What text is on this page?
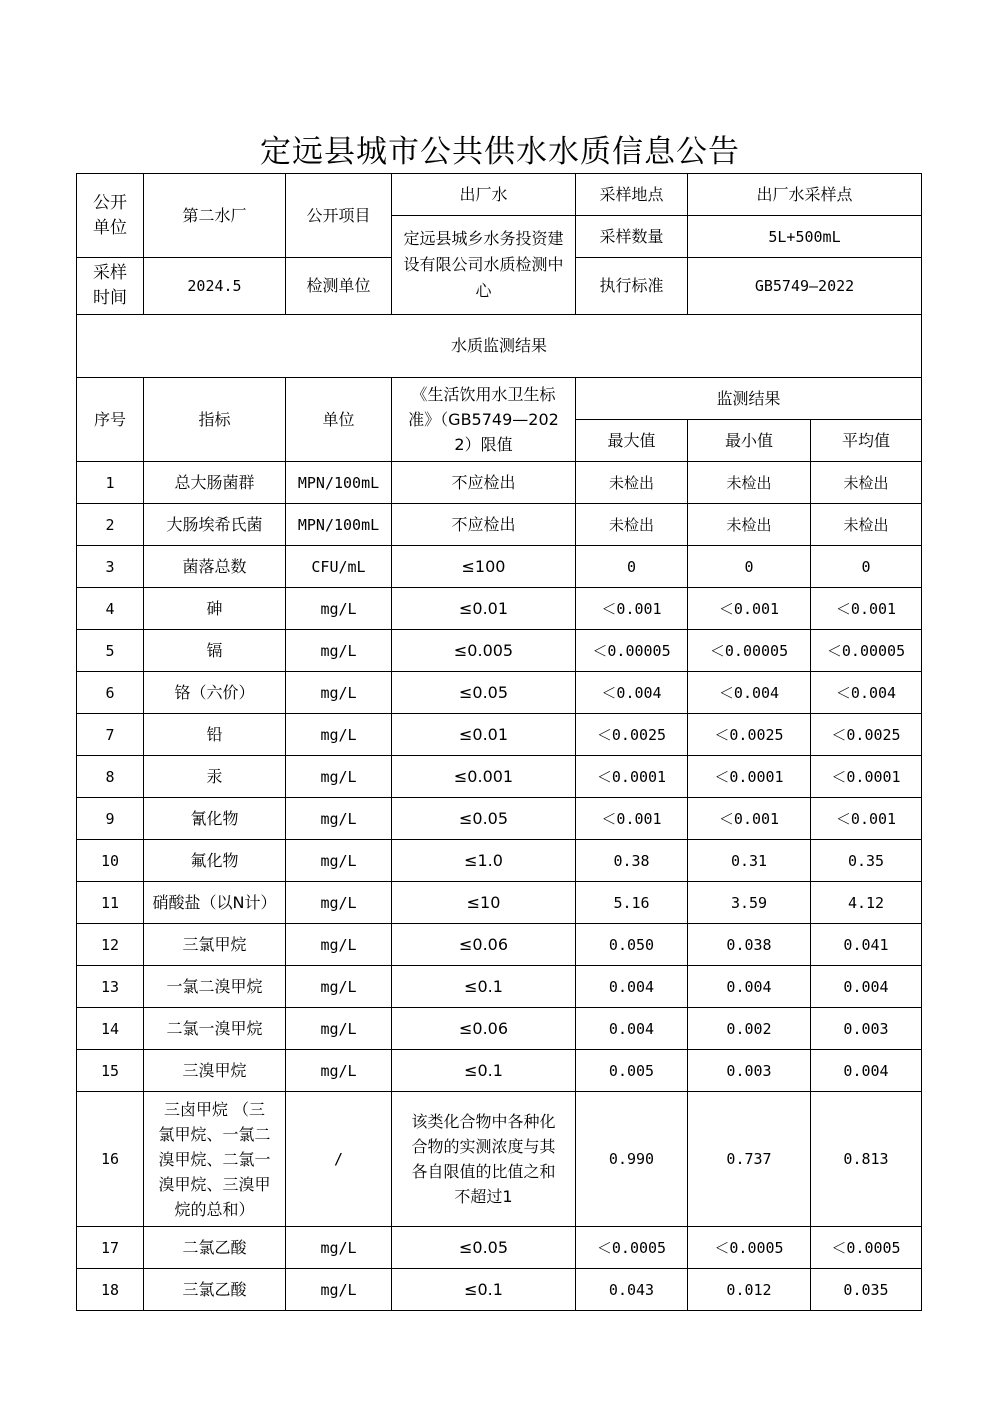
定远县城市公共供水水质信息公告
公开单位	第二水厂	公开项目	出厂水	采样地点	出厂水采样点	
			定远县城乡水务投资建设有限公司水质检测中心	采样数量	5L+500mL	
采样时间	2024.5	检测单位		执行标准	GB5749—2022	
水质监测结果						
序号	指标	单位	《生活饮用水卫生标准》（GB5749—2022）限值	监测结果		
				最大值	最小值	平均值
1	总大肠菌群	MPN/100mL	不应检出	未检出	未检出	未检出
2	大肠埃希氏菌	MPN/100mL	不应检出	未检出	未检出	未检出
3	菌落总数	CFU/mL	≤100	0	0	0
4	砷	mg/L	≤0.01	＜0.001	＜0.001	＜0.001
5	镉	mg/L	≤0.005	＜0.00005	＜0.00005	＜0.00005
6	铬（六价）	mg/L	≤0.05	＜0.004	＜0.004	＜0.004
7	铅	mg/L	≤0.01	＜0.0025	＜0.0025	＜0.0025
8	汞	mg/L	≤0.001	＜0.0001	＜0.0001	＜0.0001
9	氰化物	mg/L	≤0.05	＜0.001	＜0.001	＜0.001
10	氟化物	mg/L	≤1.0	0.38	0.31	0.35
11	硝酸盐（以N计）	mg/L	≤10	5.16	3.59	4.12
12	三氯甲烷	mg/L	≤0.06	0.050	0.038	0.041
13	一氯二溴甲烷	mg/L	≤0.1	0.004	0.004	0.004
14	二氯一溴甲烷	mg/L	≤0.06	0.004	0.002	0.003
15	三溴甲烷	mg/L	≤0.1	0.005	0.003	0.004
16	三卤甲烷 （三氯甲烷、一氯二溴甲烷、二氯一溴甲烷、三溴甲烷的总和）	/	该类化合物中各种化合物的实测浓度与其各自限值的比值之和不超过1	0.990	0.737	0.813
17	二氯乙酸	mg/L	≤0.05	＜0.0005	＜0.0005	＜0.0005
18	三氯乙酸	mg/L	≤0.1	0.043	0.012	0.035
